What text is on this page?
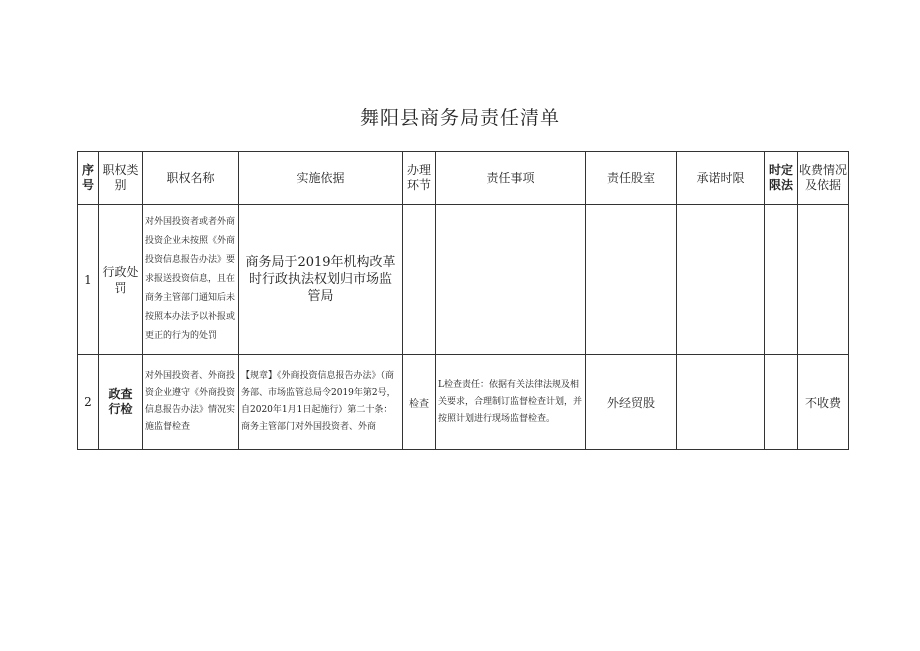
舞阳县商务局责任清单
序号	职权类别	职权名称	实施依据	办理环节	责任事项	责任股室	承诺时限	时定限法	收费情况及依据
1	行政处罚	对外国投资者或者外商投资企业未按照《外商投资信息报告办法》要求报送投资信息，且在商务主管部门通知后未按照本办法予以补报或更正的行为的处罚	商务局于2019年机构改革时行政执法权划归市场监管局						
2	政查行检	对外国投资者、外商投资企业遵守《外商投资信息报告办法》情况实施监督检查	【规章】《外商投资信息报告办法》（商务部、市场监管总局令2019年第2号，自2020年1月1日起施行）第二十条：商务主管部门对外国投资者、外商	检查	L检查责任：依据有关法律法规及相关要求，合理制订监督检查计划，并按照计划进行现场监督检查。	外经贸股			不收费
